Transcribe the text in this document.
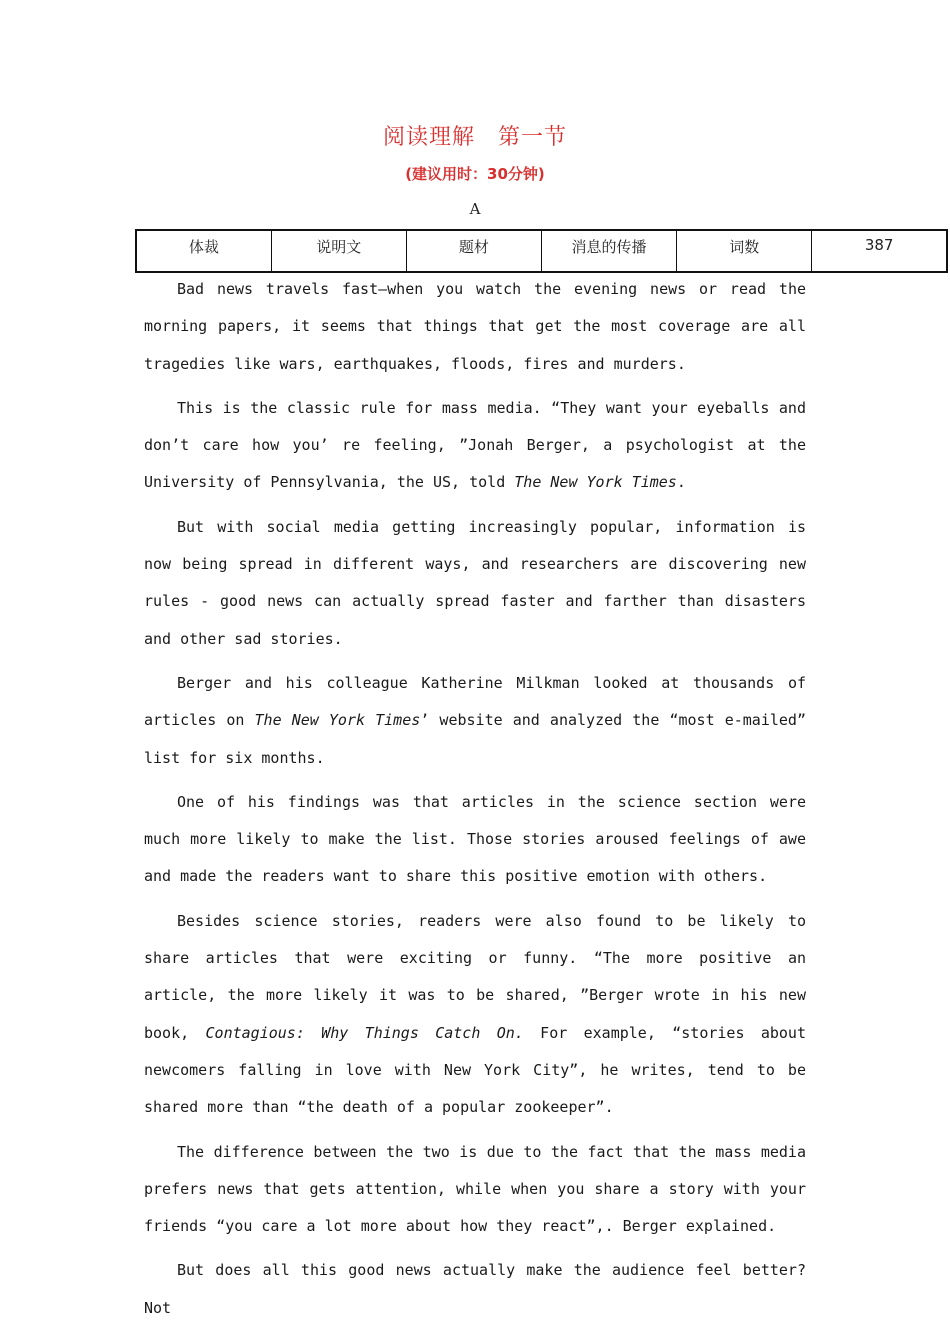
阅读理解　第一节
(建议用时：30分钟)
A
体裁	说明文	题材	消息的传播	词数	387

Bad news travels fast—when you watch the evening news or read the morning papers, it seems that things that get the most coverage are all tragedies like wars, earthquakes, floods, fires and murders.

This is the classic rule for mass media. “They want your eyeballs and don’t care how you’ re feeling, ”Jonah Berger, a psychologist at the University of Pennsylvania, the US, told The New York Times.

But with social media getting increasingly popular, information is now being spread in different ways, and researchers are discovering new rules - good news can actually spread faster and farther than disasters and other sad stories.

Berger and his colleague Katherine Milkman looked at thousands of articles on The New York Times’ website and analyzed the “most e-mailed” list for six months.

One of his findings was that articles in the science section were much more likely to make the list. Those stories aroused feelings of awe and made the readers want to share this positive emotion with others.

Besides science stories, readers were also found to be likely to share articles that were exciting or funny. “The more positive an article, the more likely it was to be shared, ”Berger wrote in his new book, Contagious: Why Things Catch On. For example, “stories about newcomers falling in love with New York City”, he writes, tend to be shared more than “the death of a popular zookeeper”.

The difference between the two is due to the fact that the mass media prefers news that gets attention, while when you share a story with your friends “you care a lot more about how they react”,. Berger explained.

But does all this good news actually make the audience feel better? Not
